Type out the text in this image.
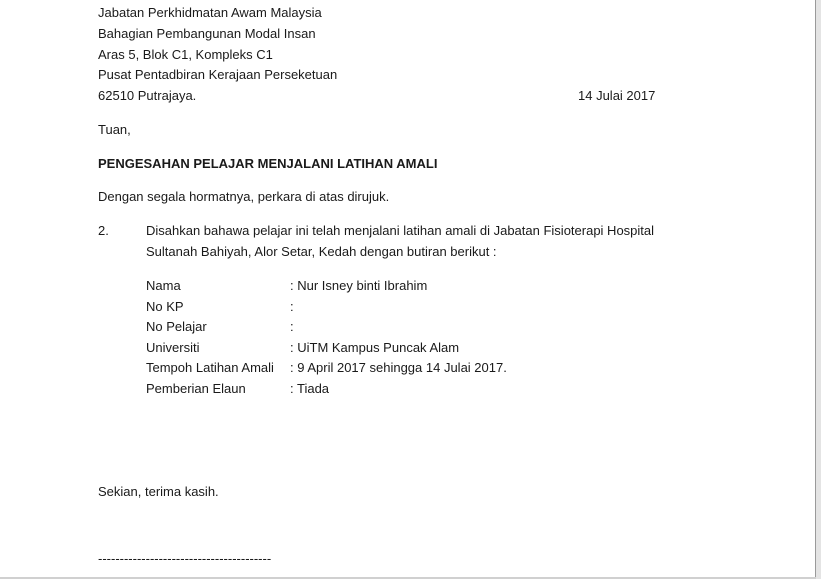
Jabatan Perkhidmatan Awam Malaysia
Bahagian Pembangunan Modal Insan
Aras 5, Blok C1, Kompleks C1
Pusat Pentadbiran Kerajaan Perseketuan
62510 Putrajaya.	14 Julai 2017
Tuan,
PENGESAHAN PELAJAR MENJALANI LATIHAN AMALI
Dengan segala hormatnya, perkara di atas dirujuk.
2.	Disahkan bahawa pelajar ini telah menjalani latihan amali di Jabatan Fisioterapi Hospital
Sultanah Bahiyah, Alor Setar, Kedah dengan butiran berikut :
Nama	: Nur Isney binti Ibrahim
No KP	:
No Pelajar	:
Universiti	: UiTM Kampus Puncak Alam
Tempoh Latihan Amali : 9 April 2017 sehingga 14 Julai 2017.
Pemberian Elaun	: Tiada
Sekian, terima kasih.
----------------------------------------
